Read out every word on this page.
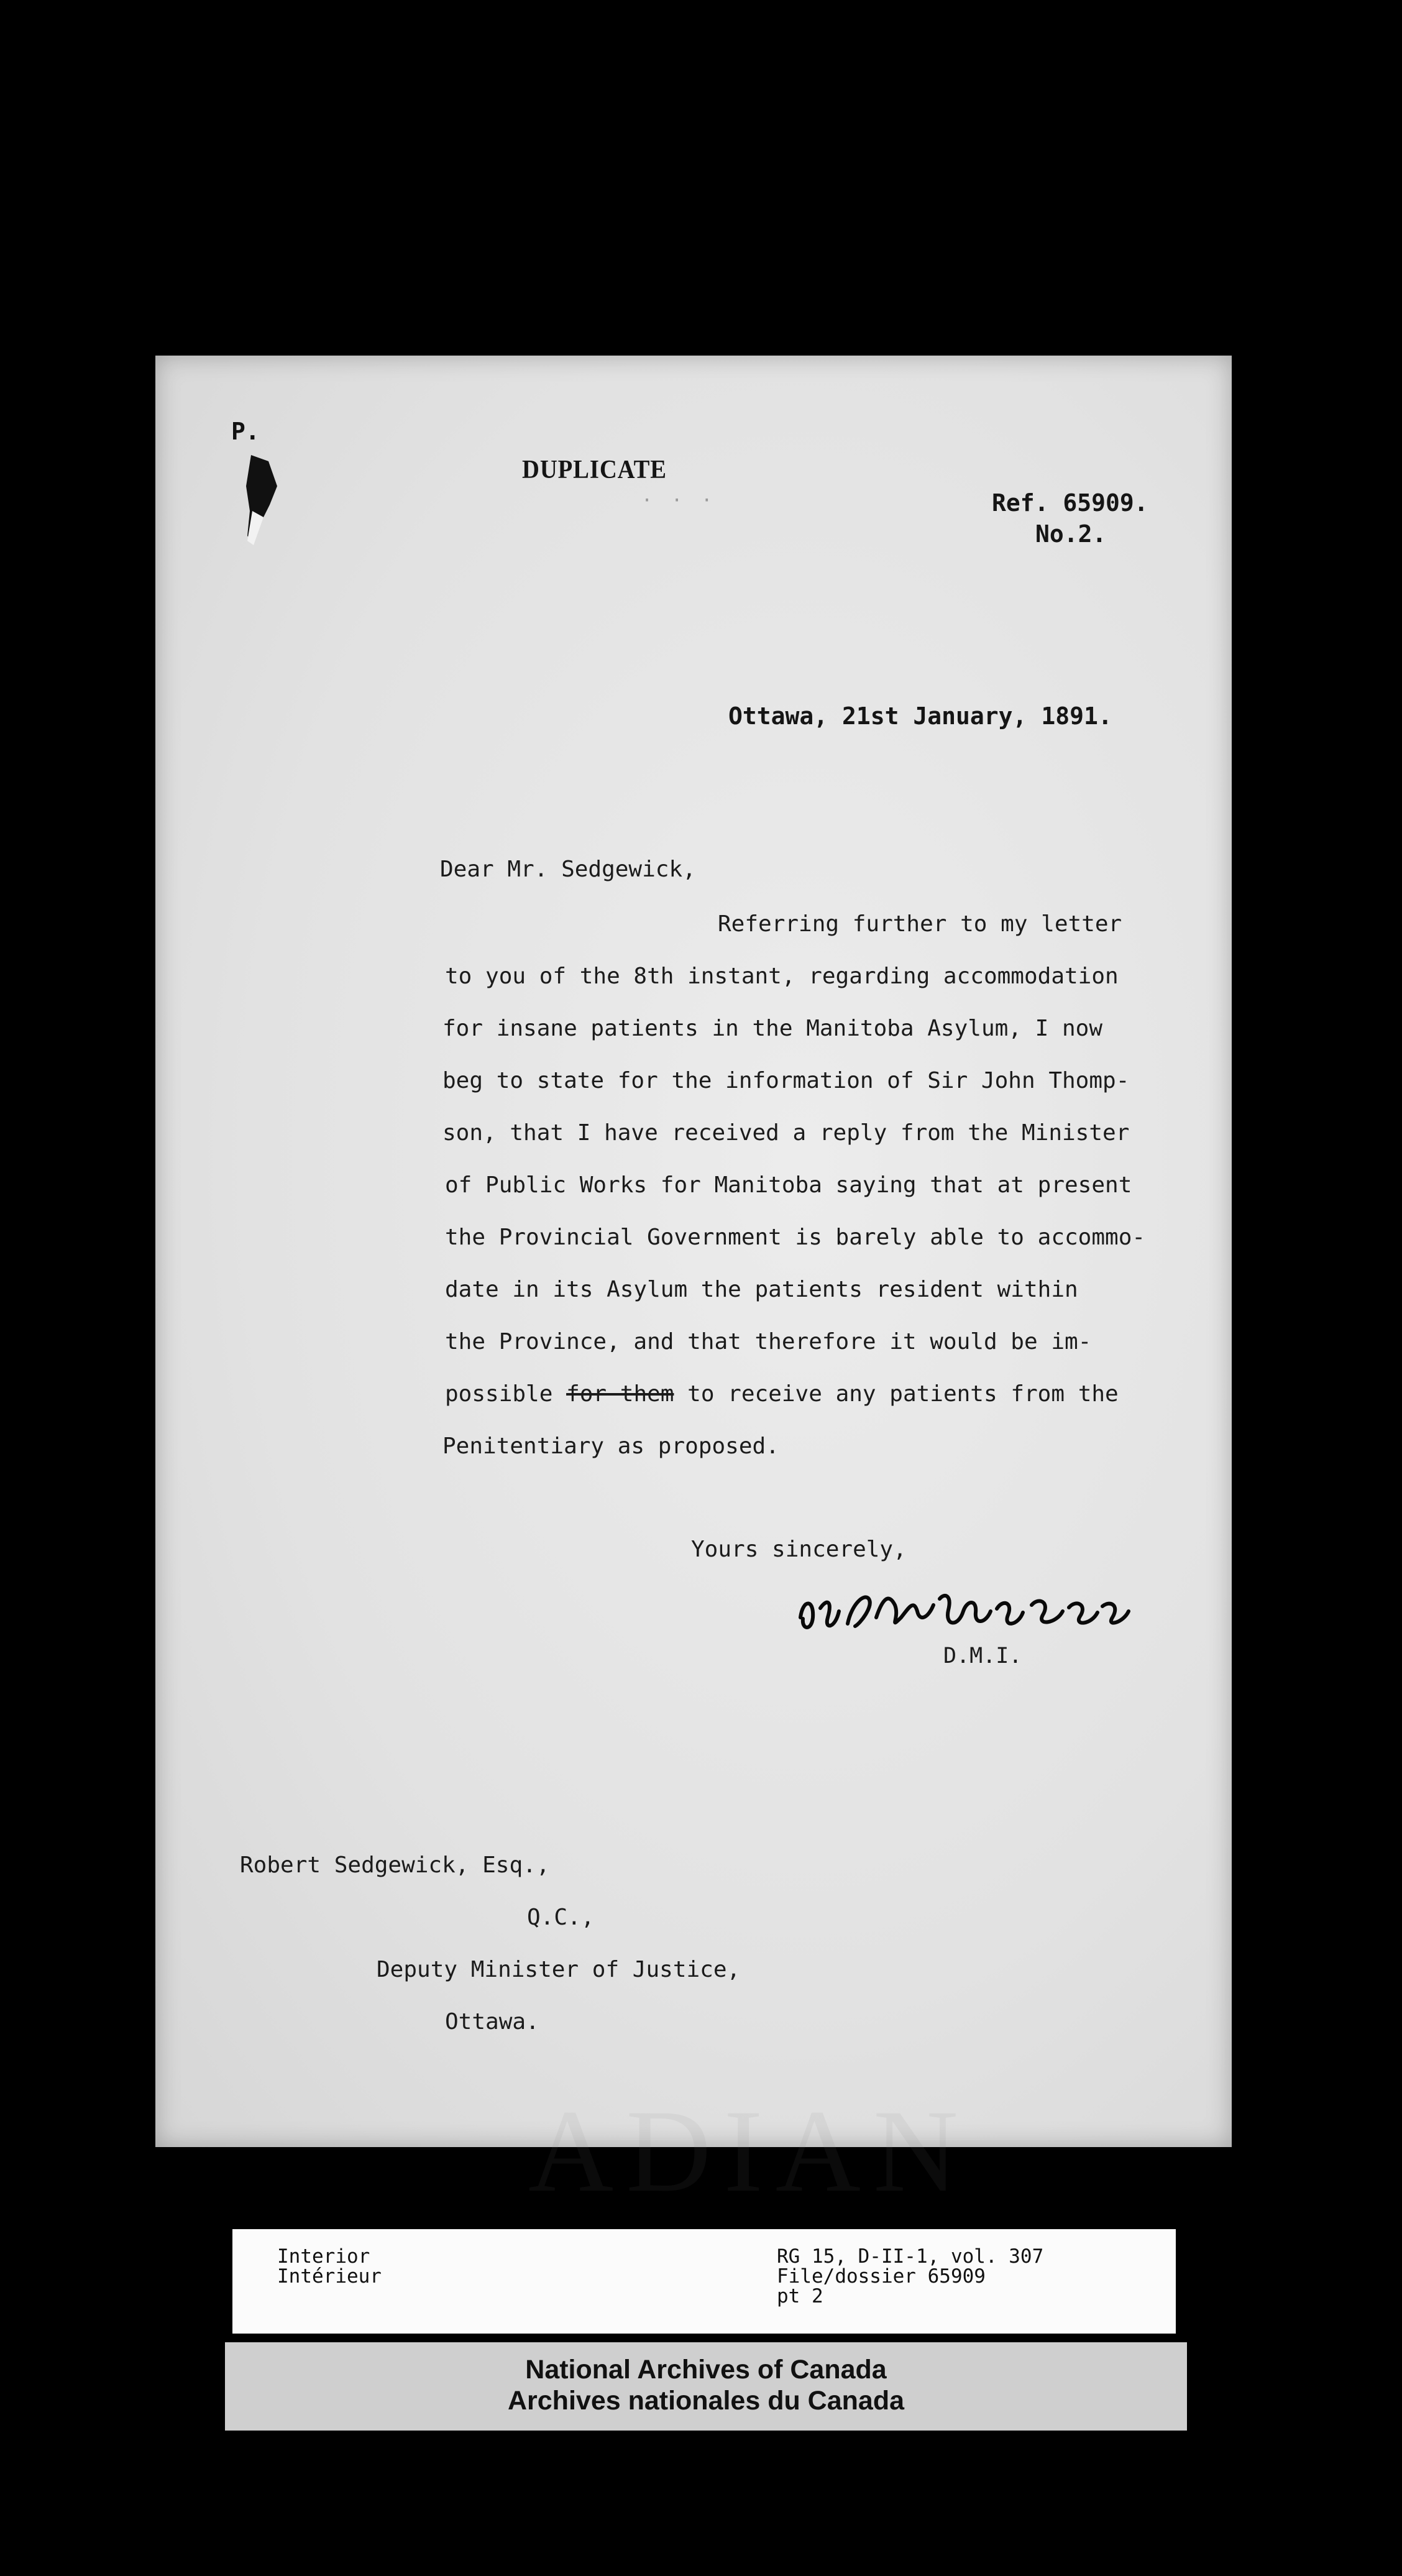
ADIAN
P.
DUPLICATE
· · ·	Ref. 65909.
No.2.
Ottawa, 21st January, 1891.
Dear Mr. Sedgewick,
Referring further to my letter
to you of the 8th instant, regarding accommodation
for insane patients in the Manitoba Asylum, I now
beg to state for the information of Sir John Thomp-
son, that I have received a reply from the Minister
of Public Works for Manitoba saying that at present
the Provincial Government is barely able to accommo-
date in its Asylum the patients resident within
the Province, and that therefore it would be im-
possible for them to receive any patients from the
Penitentiary as proposed.
Yours sincerely,
D.M.I.
Robert Sedgewick, Esq.,
Q.C.,
Deputy Minister of Justice,
Ottawa.
Interior
Intérieur
RG 15, D-II-1, vol. 307
File/dossier 65909
pt 2
National Archives of Canada
Archives nationales du Canada
